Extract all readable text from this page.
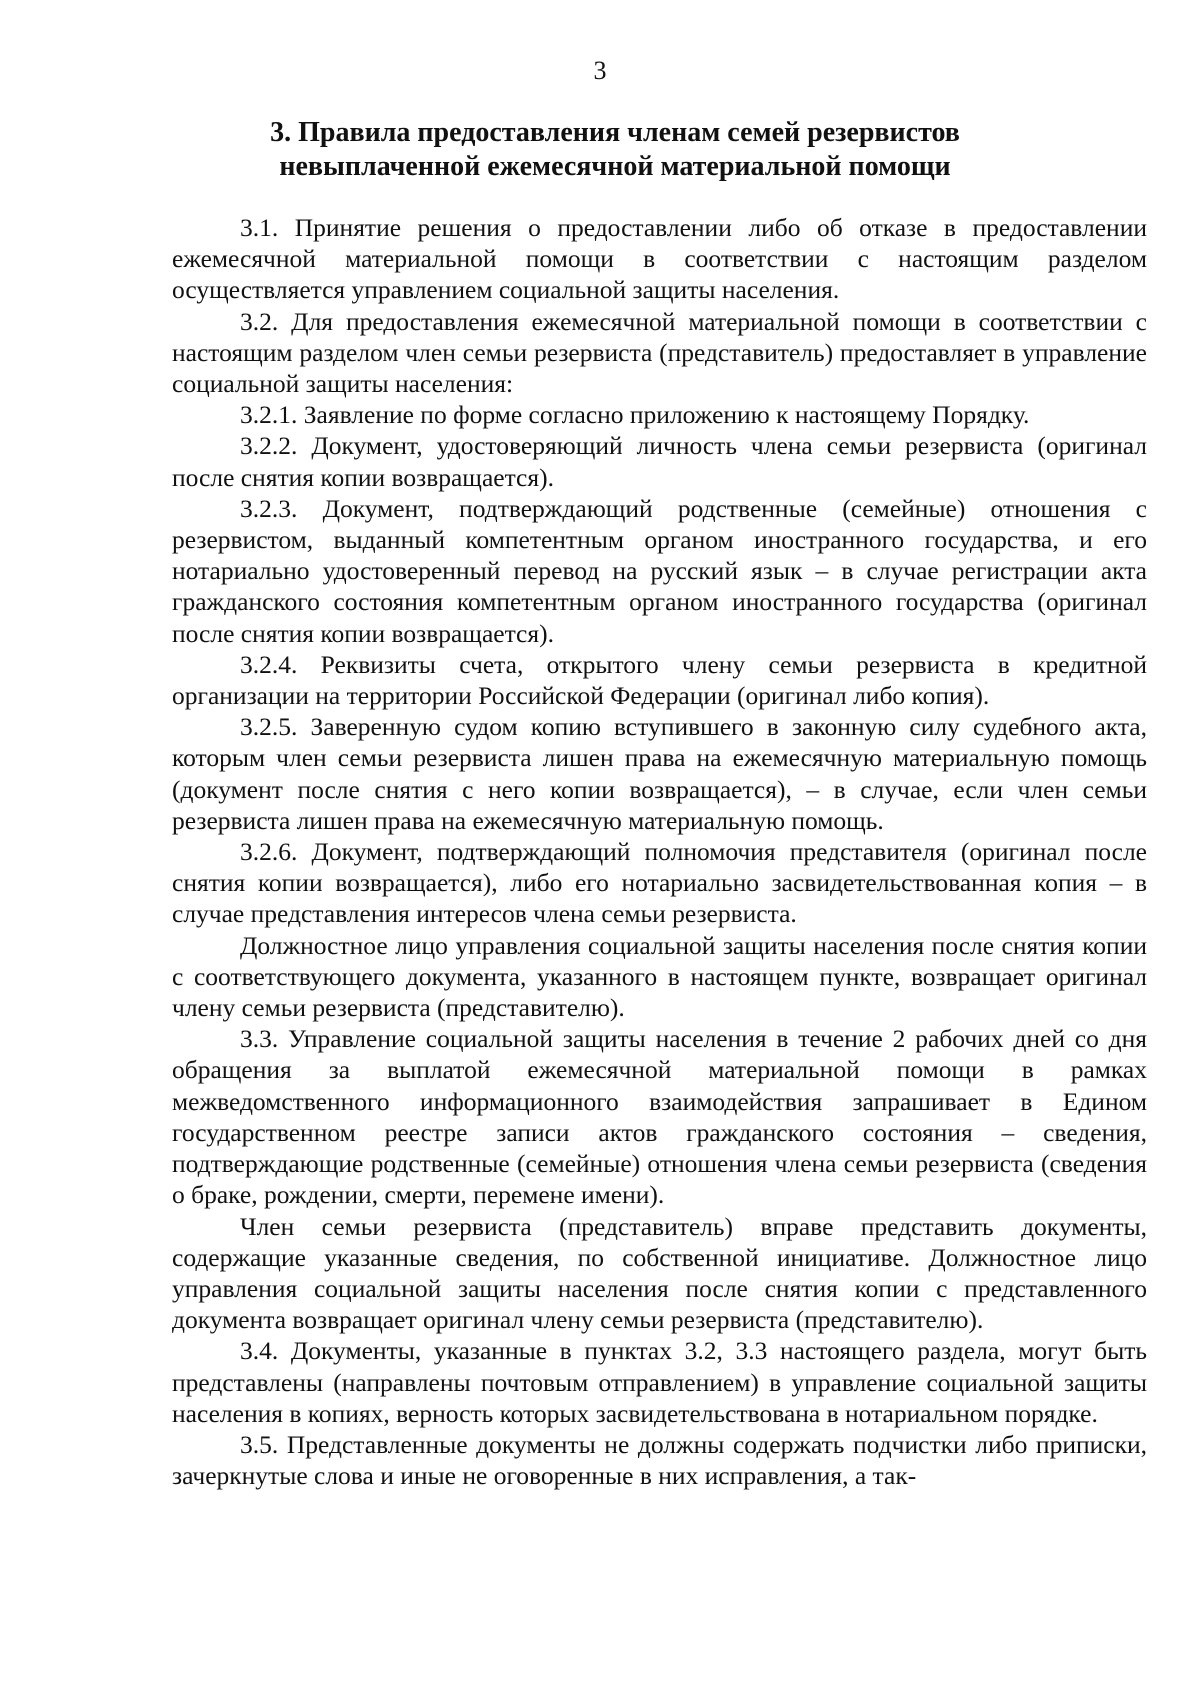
3
3. Правила предоставления членам семей резервистов
невыплаченной ежемесячной материальной помощи

3.1. Принятие решения о предоставлении либо об отказе в предоставлении ежемесячной материальной помощи в соответствии с настоящим разделом осуществляется управлением социальной защиты населения.

3.2. Для предоставления ежемесячной материальной помощи в соответствии с настоящим разделом член семьи резервиста (представитель) предоставляет в управление социальной защиты населения:

3.2.1. Заявление по форме согласно приложению к настоящему Порядку.

3.2.2. Документ, удостоверяющий личность члена семьи резервиста (оригинал после снятия копии возвращается).

3.2.3. Документ, подтверждающий родственные (семейные) отношения с резервистом, выданный компетентным органом иностранного государства, и его нотариально удостоверенный перевод на русский язык – в случае регистрации акта гражданского состояния компетентным органом иностранного государства (оригинал после снятия копии возвращается).

3.2.4. Реквизиты счета, открытого члену семьи резервиста в кредитной организации на территории Российской Федерации (оригинал либо копия).

3.2.5. Заверенную судом копию вступившего в законную силу судебного акта, которым член семьи резервиста лишен права на ежемесячную материальную помощь (документ после снятия с него копии возвращается), – в случае, если член семьи резервиста лишен права на ежемесячную материальную помощь.

3.2.6. Документ, подтверждающий полномочия представителя (оригинал после снятия копии возвращается), либо его нотариально засвидетельствованная копия – в случае представления интересов члена семьи резервиста.

Должностное лицо управления социальной защиты населения после снятия копии с соответствующего документа, указанного в настоящем пункте, возвращает оригинал члену семьи резервиста (представителю).

3.3. Управление социальной защиты населения в течение 2 рабочих дней со дня обращения за выплатой ежемесячной материальной помощи в рамках межведомственного информационного взаимодействия запрашивает в Едином государственном реестре записи актов гражданского состояния – сведения, подтверждающие родственные (семейные) отношения члена семьи резервиста (сведения о браке, рождении, смерти, перемене имени).

Член семьи резервиста (представитель) вправе представить документы, содержащие указанные сведения, по собственной инициативе. Должностное лицо управления социальной защиты населения после снятия копии с представленного документа возвращает оригинал члену семьи резервиста (представителю).

3.4. Документы, указанные в пунктах 3.2, 3.3 настоящего раздела, могут быть представлены (направлены почтовым отправлением) в управление социальной защиты населения в копиях, верность которых засвидетельствована в нотариальном порядке.

3.5. Представленные документы не должны содержать подчистки либо приписки, зачеркнутые слова и иные не оговоренные в них исправления, а так-
